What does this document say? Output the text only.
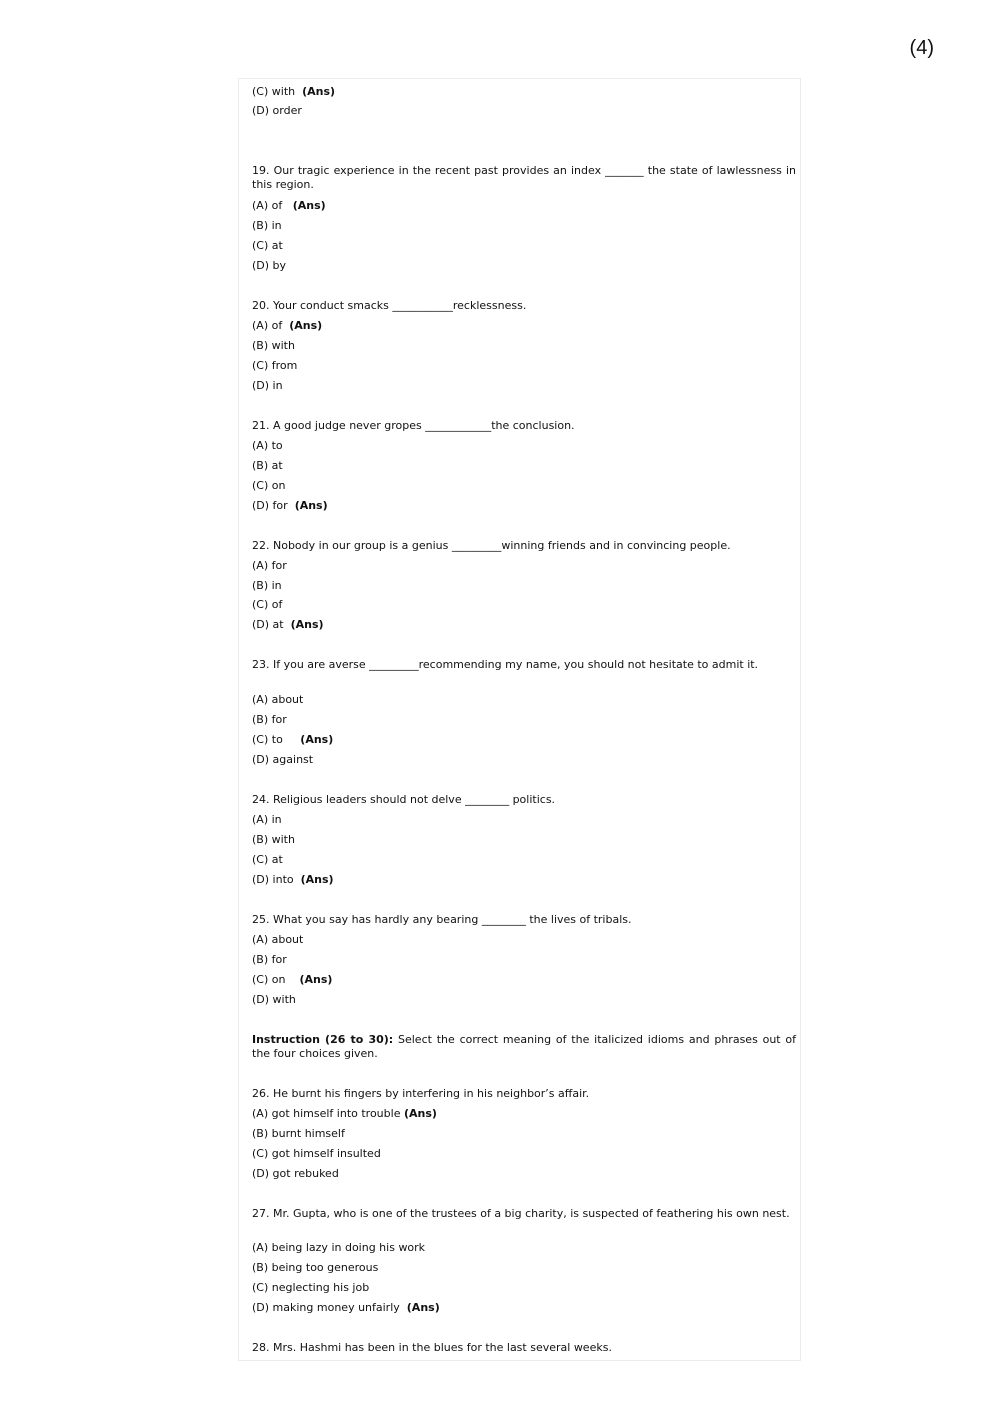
(4)
(C) with (Ans)
(D) order
19. Our tragic experience in the recent past provides an index _______ the state of lawlessness in this region.
(A) of (Ans)
(B) in
(C) at
(D) by
20. Your conduct smacks ___________recklessness.
(A) of (Ans)
(B) with
(C) from
(D) in
21. A good judge never gropes ____________the conclusion.
(A) to
(B) at
(C) on
(D) for (Ans)
22. Nobody in our group is a genius _________winning friends and in convincing people.
(A) for
(B) in
(C) of
(D) at (Ans)
23. If you are averse _________recommending my name, you should not hesitate to admit it.
(A) about
(B) for
(C) to (Ans)
(D) against
24. Religious leaders should not delve ________ politics.
(A) in
(B) with
(C) at
(D) into (Ans)
25. What you say has hardly any bearing ________ the lives of tribals.
(A) about
(B) for
(C) on (Ans)
(D) with
Instruction (26 to 30): Select the correct meaning of the italicized idioms and phrases out of the four choices given.
26. He burnt his fingers by interfering in his neighbor’s affair.
(A) got himself into trouble (Ans)
(B) burnt himself
(C) got himself insulted
(D) got rebuked
27. Mr. Gupta, who is one of the trustees of a big charity, is suspected of feathering his own nest.
(A) being lazy in doing his work
(B) being too generous
(C) neglecting his job
(D) making money unfairly (Ans)
28. Mrs. Hashmi has been in the blues for the last several weeks.
